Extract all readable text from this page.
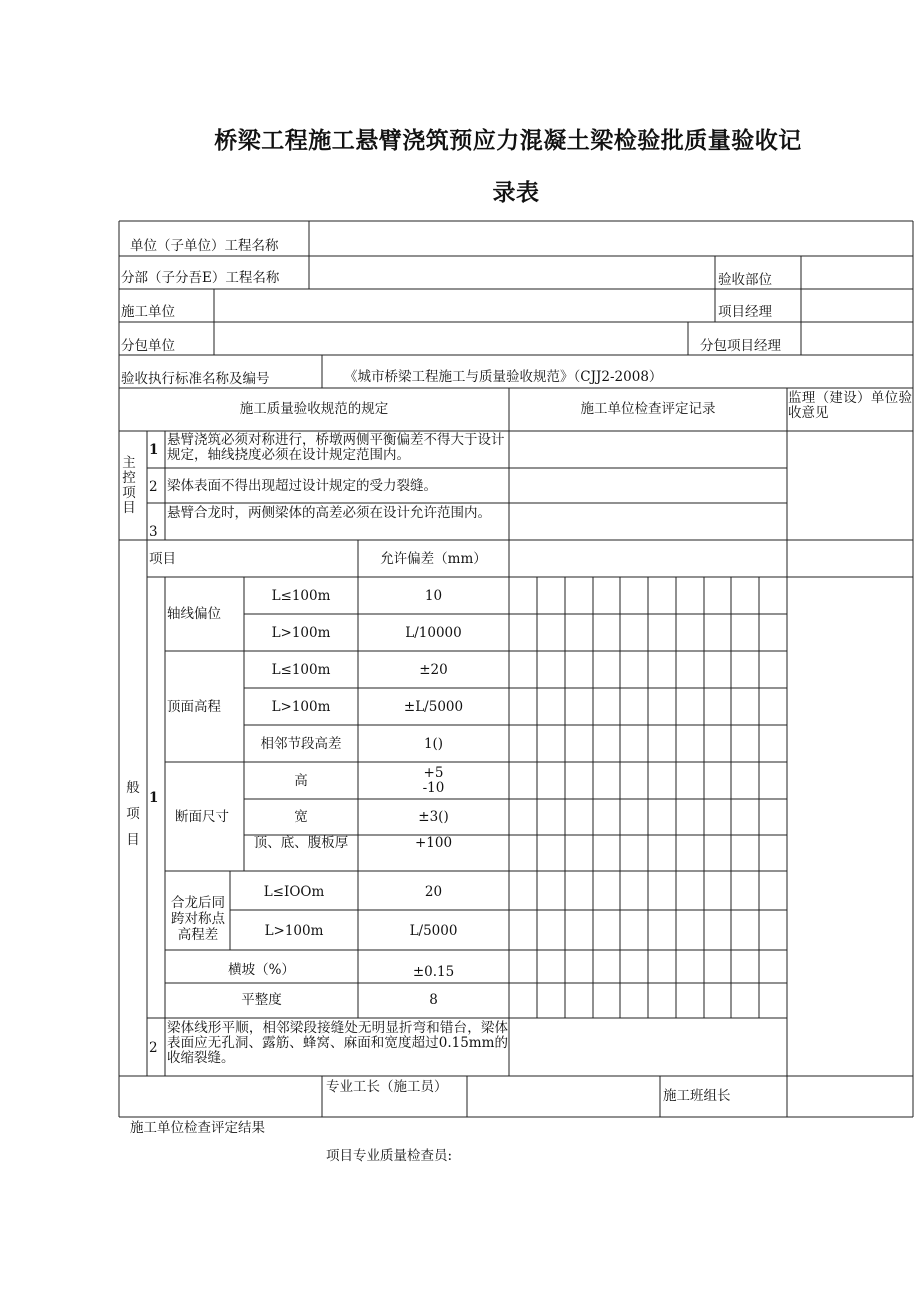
桥梁工程施工悬臂浇筑预应力混凝土梁检验批质量验收记
录表
单位（子单位）工程名称
分部（子分吾E）工程名称	验收部位
施工单位	项目经理
分包单位	分包项目经理
验收执行标准名称及编号	《城市桥梁工程施工与质量验收规范》（CJJ2-2008）
施工质量验收规范的规定	施工单位检查评定记录
监理（建设）单位验收意见
主控项目
1
悬臂浇筑必须对称进行，桥墩两侧平衡偏差不得大于设计规定，轴线挠度必须在设计规定范围内。
2 梁体表面不得出现超过设计规定的受力裂缝。
3
悬臂合龙时，两侧梁体的高差必须在设计允许范围内。
般项目
项目	允许偏差（mm）
1
轴线偏位
L≤100m	10
L>100m	L/10000
顶面高程
L≤100m	±20
L>100m	±L/5000
相邻节段高差	1()
断面尺寸
高	+5
-10
宽	±3()
顶、底、腹板厚	+100
合龙后同跨对称点高程差
L≤IOOm	20
L>100m	L/5000
横坡（%）	±0.15
平整度	8
2
梁体线形平顺，相邻梁段接缝处无明显折弯和错台，梁体表面应无孔洞、露筋、蜂窝、麻面和宽度超过0.15mm的收缩裂缝。
专业工长（施工员）
施工班组长
施工单位检查评定结果
项目专业质量检查员:
